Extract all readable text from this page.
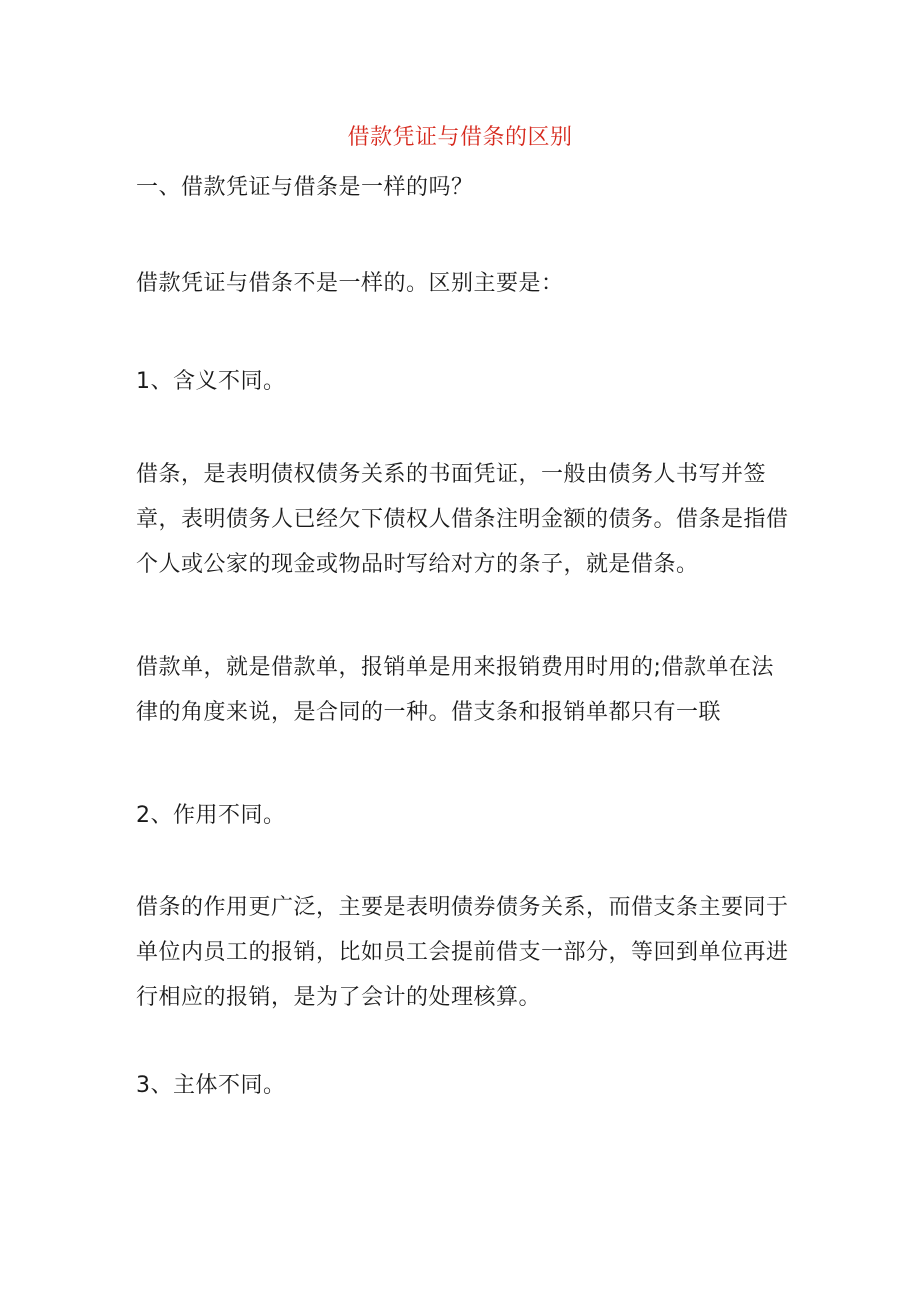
借款凭证与借条的区别
一、借款凭证与借条是一样的吗？
借款凭证与借条不是一样的。区别主要是：
1、含义不同。
借条，是表明债权债务关系的书面凭证，一般由债务人书写并签章，表明债务人已经欠下债权人借条注明金额的债务。借条是指借个人或公家的现金或物品时写给对方的条子，就是借条。
借款单，就是借款单，报销单是用来报销费用时用的;借款单在法律的角度来说，是合同的一种。借支条和报销单都只有一联
2、作用不同。
借条的作用更广泛，主要是表明债券债务关系，而借支条主要同于单位内员工的报销，比如员工会提前借支一部分，等回到单位再进行相应的报销，是为了会计的处理核算。
3、主体不同。
